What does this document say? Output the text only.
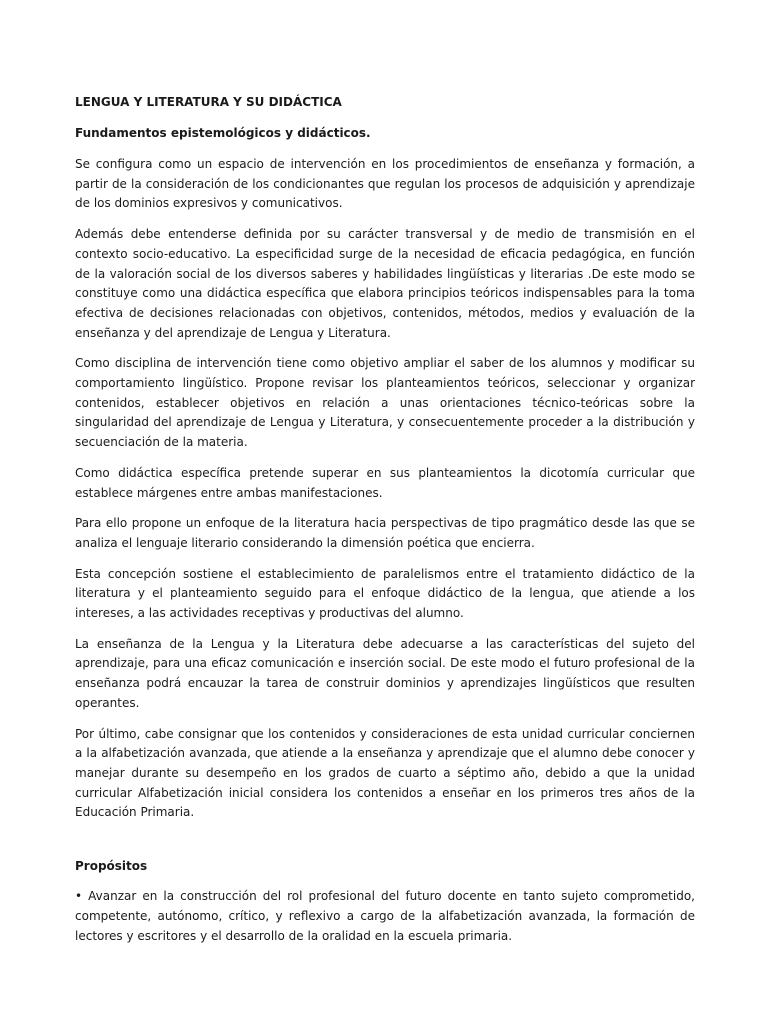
LENGUA Y LITERATURA Y SU DIDÁCTICA
Fundamentos epistemológicos y didácticos.

Se configura como un espacio de intervención en los procedimientos de enseñanza y formación, a partir de la consideración de los condicionantes que regulan los procesos de adquisición y aprendizaje de los dominios expresivos y comunicativos.

Además debe entenderse definida por su carácter transversal y de medio de transmisión en el contexto socio-educativo. La especificidad surge de la necesidad de eficacia pedagógica, en función de la valoración social de los diversos saberes y habilidades lingüísticas y literarias .De este modo se constituye como una didáctica específica que elabora principios teóricos indispensables para la toma efectiva de decisiones relacionadas con objetivos, contenidos, métodos, medios y evaluación de la enseñanza y del aprendizaje de Lengua y Literatura.

Como disciplina de intervención tiene como objetivo ampliar el saber de los alumnos y modificar su comportamiento lingüístico. Propone revisar los planteamientos teóricos, seleccionar y organizar contenidos, establecer objetivos en relación a unas orientaciones técnico-teóricas sobre la singularidad del aprendizaje de Lengua y Literatura, y consecuentemente proceder a la distribución y secuenciación de la materia.

Como didáctica específica pretende superar en sus planteamientos la dicotomía curricular que establece márgenes entre ambas manifestaciones.

Para ello propone un enfoque de la literatura hacia perspectivas de tipo pragmático desde las que se analiza el lenguaje literario considerando la dimensión poética que encierra.

Esta concepción sostiene el establecimiento de paralelismos entre el tratamiento didáctico de la literatura y el planteamiento seguido para el enfoque didáctico de la lengua, que atiende a los intereses, a las actividades receptivas y productivas del alumno.

La enseñanza de la Lengua y la Literatura debe adecuarse a las características del sujeto del aprendizaje, para una eficaz comunicación e inserción social. De este modo el futuro profesional de la enseñanza podrá encauzar la tarea de construir dominios y aprendizajes lingüísticos que resulten operantes.

Por último, cabe consignar que los contenidos y consideraciones de esta unidad curricular conciernen a la alfabetización avanzada, que atiende a la enseñanza y aprendizaje que el alumno debe conocer y manejar durante su desempeño en los grados de cuarto a séptimo año, debido a que la unidad curricular Alfabetización inicial considera los contenidos a enseñar en los primeros tres años de la Educación Primaria.

Propósitos

• Avanzar en la construcción del rol profesional del futuro docente en tanto sujeto comprometido, competente, autónomo, crítico, y reflexivo a cargo de la alfabetización avanzada, la formación de lectores y escritores y el desarrollo de la oralidad en la escuela primaria.
